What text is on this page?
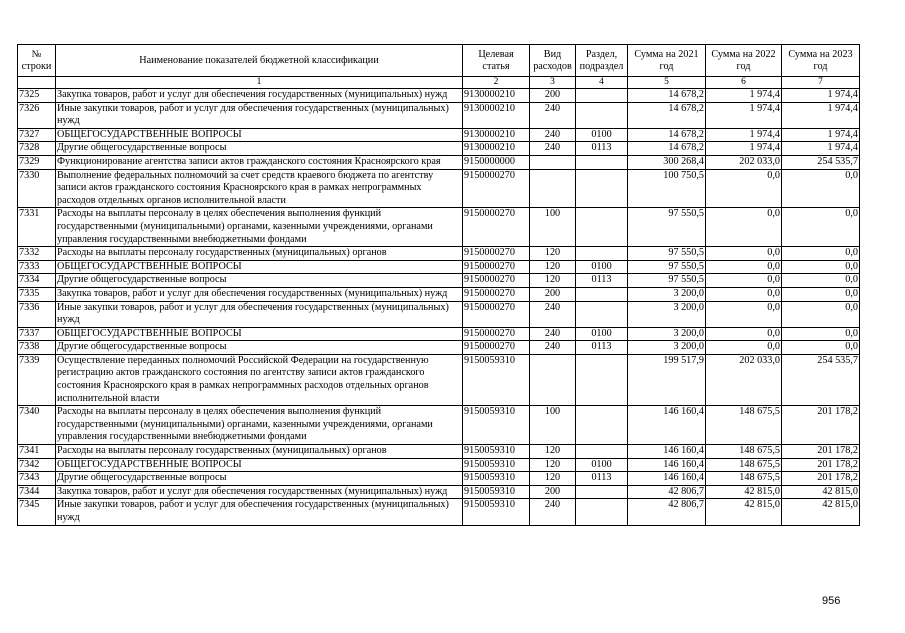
№ строки	Наименование показателей бюджетной классификации	Целевая статья	Вид расходов	Раздел, подраздел	Сумма на 2021 год	Сумма на 2022 год	Сумма на 2023 год
	1	2	3	4	5	6	7
7325	Закупка товаров, работ и услуг для обеспечения государственных (муниципальных) нужд	9130000210	200		14 678,2	1 974,4	1 974,4
7326	Иные закупки товаров, работ и услуг для обеспечения государственных (муниципальных) нужд	9130000210	240		14 678,2	1 974,4	1 974,4
7327	ОБЩЕГОСУДАРСТВЕННЫЕ ВОПРОСЫ	9130000210	240	0100	14 678,2	1 974,4	1 974,4
7328	Другие общегосударственные вопросы	9130000210	240	0113	14 678,2	1 974,4	1 974,4
7329	Функционирование агентства записи актов гражданского состояния Красноярского края	9150000000			300 268,4	202 033,0	254 535,7
7330	Выполнение федеральных полномочий за счет средств краевого бюджета по агентству записи актов гражданского состояния Красноярского края в рамках непрограммных расходов отдельных органов исполнительной власти	9150000270			100 750,5	0,0	0,0
7331	Расходы на выплаты персоналу в целях обеспечения выполнения функций государственными (муниципальными) органами, казенными учреждениями, органами управления государственными внебюджетными фондами	9150000270	100		97 550,5	0,0	0,0
7332	Расходы на выплаты персоналу государственных (муниципальных) органов	9150000270	120		97 550,5	0,0	0,0
7333	ОБЩЕГОСУДАРСТВЕННЫЕ ВОПРОСЫ	9150000270	120	0100	97 550,5	0,0	0,0
7334	Другие общегосударственные вопросы	9150000270	120	0113	97 550,5	0,0	0,0
7335	Закупка товаров, работ и услуг для обеспечения государственных (муниципальных) нужд	9150000270	200		3 200,0	0,0	0,0
7336	Иные закупки товаров, работ и услуг для обеспечения государственных (муниципальных) нужд	9150000270	240		3 200,0	0,0	0,0
7337	ОБЩЕГОСУДАРСТВЕННЫЕ ВОПРОСЫ	9150000270	240	0100	3 200,0	0,0	0,0
7338	Другие общегосударственные вопросы	9150000270	240	0113	3 200,0	0,0	0,0
7339	Осуществление переданных полномочий Российской Федерации на государственную регистрацию актов гражданского состояния по агентству записи актов гражданского состояния Красноярского края в рамках непрограммных расходов отдельных органов исполнительной власти	9150059310			199 517,9	202 033,0	254 535,7
7340	Расходы на выплаты персоналу в целях обеспечения выполнения функций государственными (муниципальными) органами, казенными учреждениями, органами управления государственными внебюджетными фондами	9150059310	100		146 160,4	148 675,5	201 178,2
7341	Расходы на выплаты персоналу государственных (муниципальных) органов	9150059310	120		146 160,4	148 675,5	201 178,2
7342	ОБЩЕГОСУДАРСТВЕННЫЕ ВОПРОСЫ	9150059310	120	0100	146 160,4	148 675,5	201 178,2
7343	Другие общегосударственные вопросы	9150059310	120	0113	146 160,4	148 675,5	201 178,2
7344	Закупка товаров, работ и услуг для обеспечения государственных (муниципальных) нужд	9150059310	200		42 806,7	42 815,0	42 815,0
7345	Иные закупки товаров, работ и услуг для обеспечения государственных (муниципальных) нужд	9150059310	240		42 806,7	42 815,0	42 815,0
956
